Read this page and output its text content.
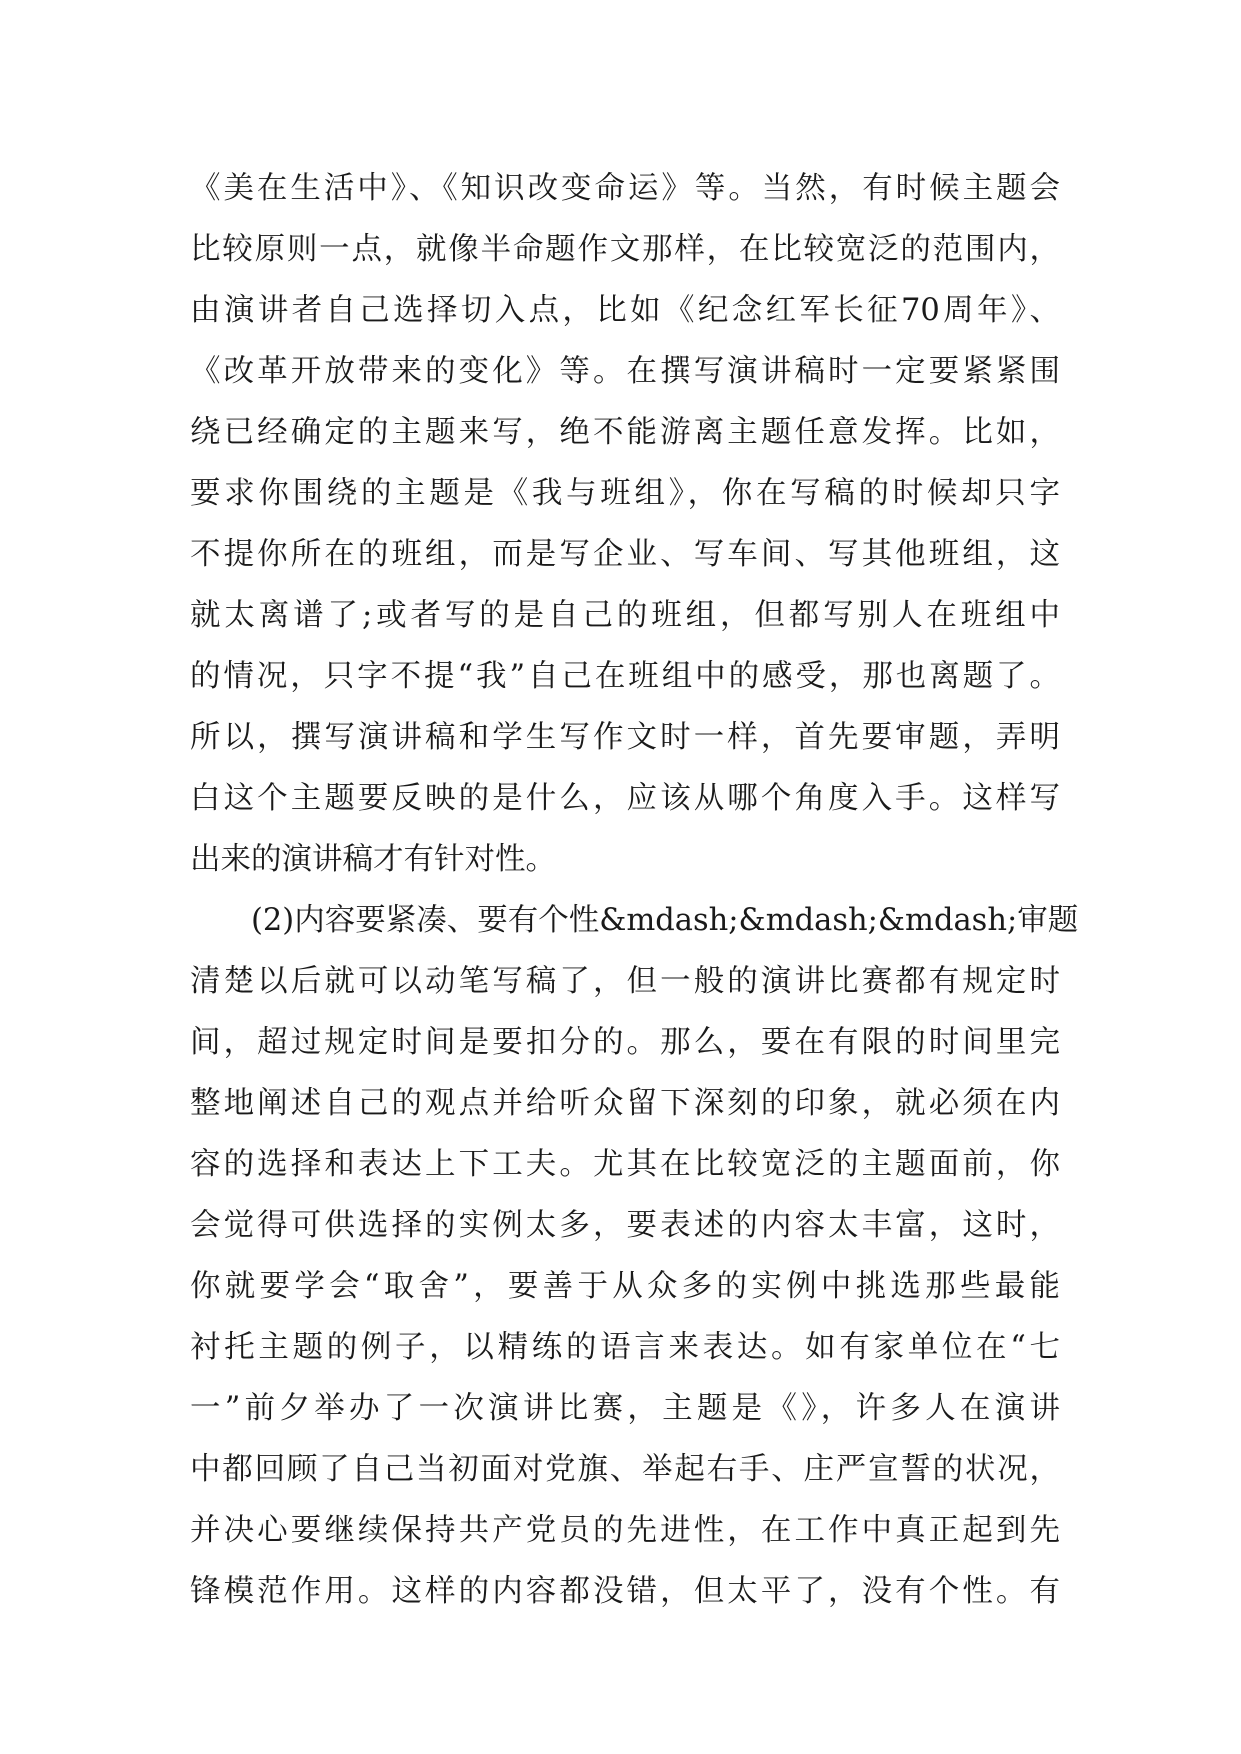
《美在生活中》、《知识改变命运》等。当然，有时候主题会
比较原则一点，就像半命题作文那样，在比较宽泛的范围内，
由演讲者自己选择切入点，比如《纪念红军长征70周年》、
《改革开放带来的变化》等。在撰写演讲稿时一定要紧紧围
绕已经确定的主题来写，绝不能游离主题任意发挥。比如，
要求你围绕的主题是《我与班组》，你在写稿的时候却只字
不提你所在的班组，而是写企业、写车间、写其他班组，这
就太离谱了;或者写的是自己的班组，但都写别人在班组中
的情况，只字不提“我”自己在班组中的感受，那也离题了。
所以，撰写演讲稿和学生写作文时一样，首先要审题，弄明
白这个主题要反映的是什么，应该从哪个角度入手。这样写
出来的演讲稿才有针对性。
(2)内容要紧凑、要有个性&mdash;&mdash;&mdash;审题
清楚以后就可以动笔写稿了，但一般的演讲比赛都有规定时
间，超过规定时间是要扣分的。那么，要在有限的时间里完
整地阐述自己的观点并给听众留下深刻的印象，就必须在内
容的选择和表达上下工夫。尤其在比较宽泛的主题面前，你
会觉得可供选择的实例太多，要表述的内容太丰富，这时，
你就要学会“取舍”，要善于从众多的实例中挑选那些最能
衬托主题的例子，以精练的语言来表达。如有家单位在“七
一”前夕举办了一次演讲比赛，主题是《》，许多人在演讲
中都回顾了自己当初面对党旗、举起右手、庄严宣誓的状况，
并决心要继续保持共产党员的先进性，在工作中真正起到先
锋模范作用。这样的内容都没错，但太平了，没有个性。有
